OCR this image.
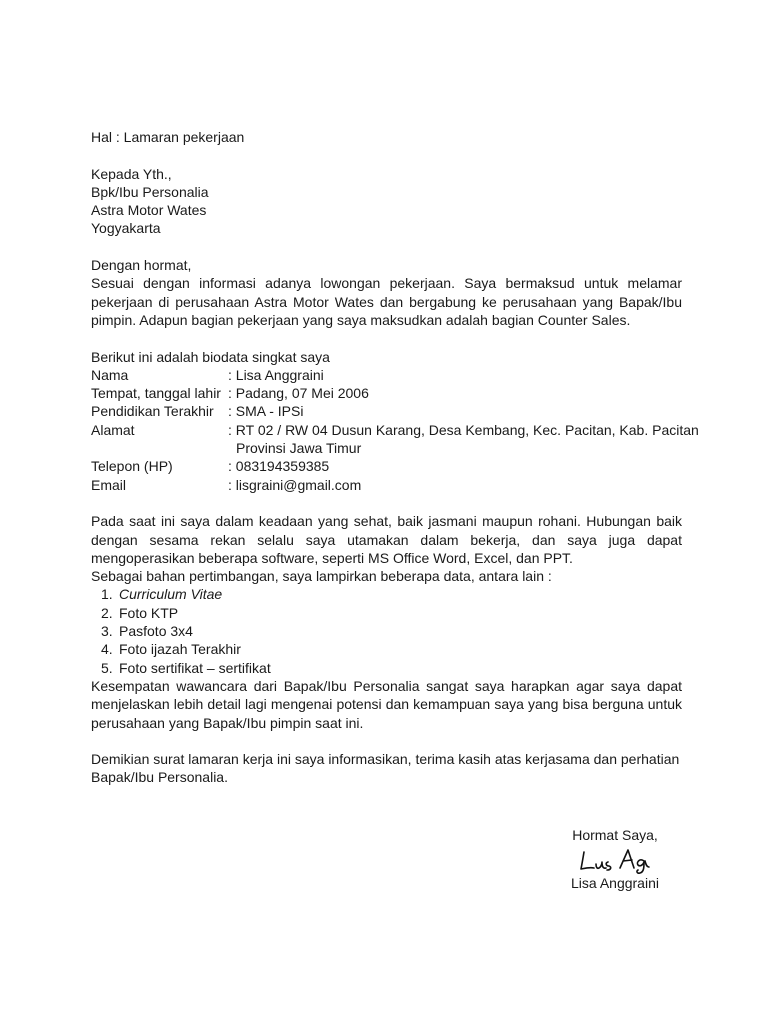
Hal : Lamaran pekerjaan
Kepada Yth.,
Bpk/Ibu Personalia
Astra Motor Wates
Yogyakarta
Dengan hormat,
Sesuai dengan informasi adanya lowongan pekerjaan. Saya bermaksud untuk melamar
pekerjaan di perusahaan Astra Motor Wates dan bergabung ke perusahaan yang Bapak/Ibu
pimpin. Adapun bagian pekerjaan yang saya maksudkan adalah bagian Counter Sales.
Berikut ini adalah biodata singkat saya
Nama	: Lisa Anggraini
Tempat, tanggal lahir : Padang, 07 Mei 2006
Pendidikan Terakhir	: SMA - IPSi
Alamat	: RT 02 / RW 04 Dusun Karang, Desa Kembang, Kec. Pacitan, Kab. Pacitan
Provinsi Jawa Timur
Telepon (HP)	: 083194359385
Email	: lisgraini@gmail.com
Pada saat ini saya dalam keadaan yang sehat, baik jasmani maupun rohani. Hubungan baik
dengan sesama rekan selalu saya utamakan dalam bekerja, dan saya juga dapat
mengoperasikan beberapa software, seperti MS Office Word, Excel, dan PPT.
Sebagai bahan pertimbangan, saya lampirkan beberapa data, antara lain :
1. Curriculum Vitae
2. Foto KTP
3. Pasfoto 3x4
4. Foto ijazah Terakhir
5. Foto sertifikat – sertifikat
Kesempatan wawancara dari Bapak/Ibu Personalia sangat saya harapkan agar saya dapat
menjelaskan lebih detail lagi mengenai potensi dan kemampuan saya yang bisa berguna untuk
perusahaan yang Bapak/Ibu pimpin saat ini.
Demikian surat lamaran kerja ini saya informasikan, terima kasih atas kerjasama dan perhatian
Bapak/Ibu Personalia.
Hormat Saya,
Lisa Anggraini
